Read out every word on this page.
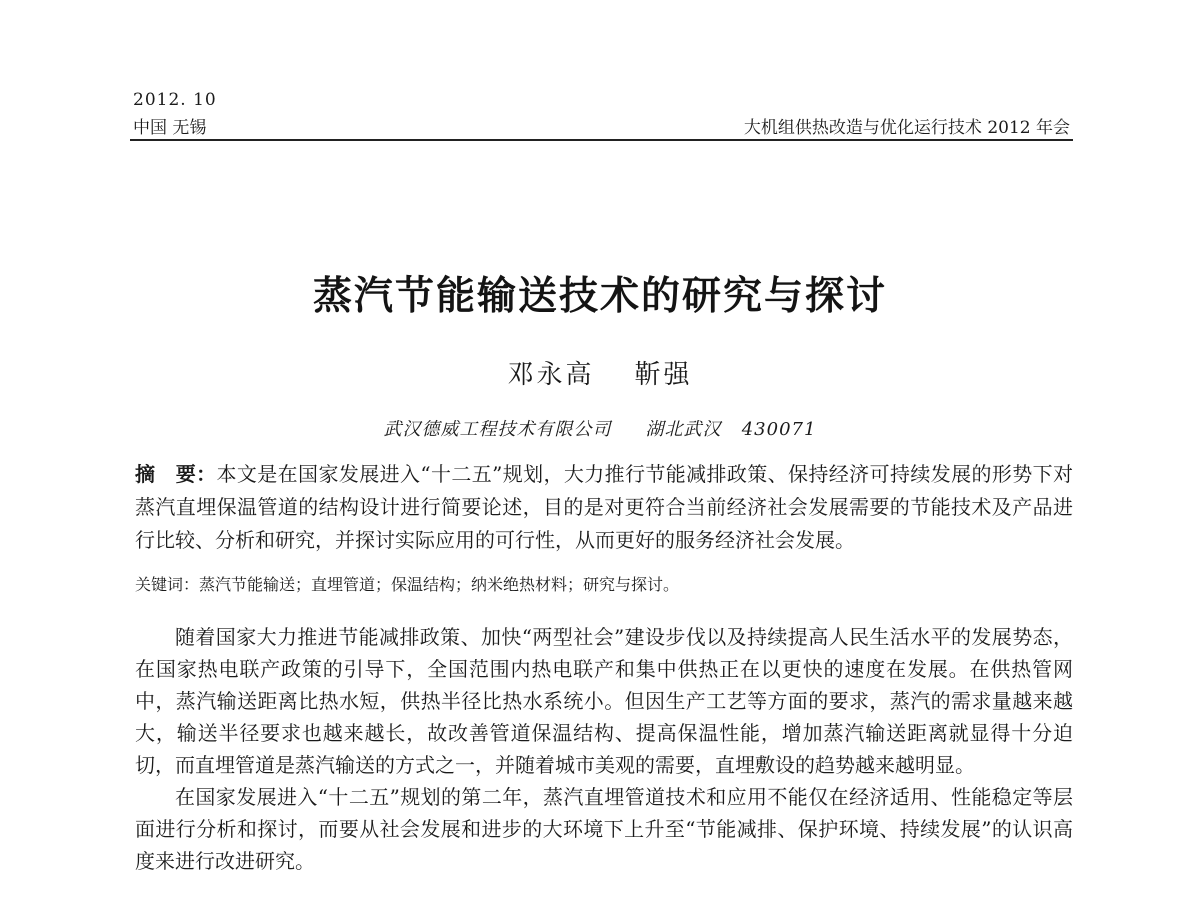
2012. 10
中国 无锡	大机组供热改造与优化运行技术 2012 年会
蒸汽节能输送技术的研究与探讨
邓永高 靳强
武汉德威工程技术有限公司 湖北武汉 430071
摘　要：本文是在国家发展进入“十二五”规划，大力推行节能减排政策、保持经济可持续发展的形势下对蒸汽直埋保温管道的结构设计进行简要论述，目的是对更符合当前经济社会发展需要的节能技术及产品进行比较、分析和研究，并探讨实际应用的可行性，从而更好的服务经济社会发展。
关键词：蒸汽节能输送；直埋管道；保温结构；纳米绝热材料；研究与探讨。

随着国家大力推进节能减排政策、加快“两型社会”建设步伐以及持续提高人民生活水平的发展势态，在国家热电联产政策的引导下，全国范围内热电联产和集中供热正在以更快的速度在发展。在供热管网中，蒸汽输送距离比热水短，供热半径比热水系统小。但因生产工艺等方面的要求，蒸汽的需求量越来越大，输送半径要求也越来越长，故改善管道保温结构、提高保温性能，增加蒸汽输送距离就显得十分迫切，而直埋管道是蒸汽输送的方式之一，并随着城市美观的需要，直埋敷设的趋势越来越明显。

在国家发展进入“十二五”规划的第二年，蒸汽直埋管道技术和应用不能仅在经济适用、性能稳定等层面进行分析和探讨，而要从社会发展和进步的大环境下上升至“节能减排、保护环境、持续发展”的认识高度来进行改进研究。
